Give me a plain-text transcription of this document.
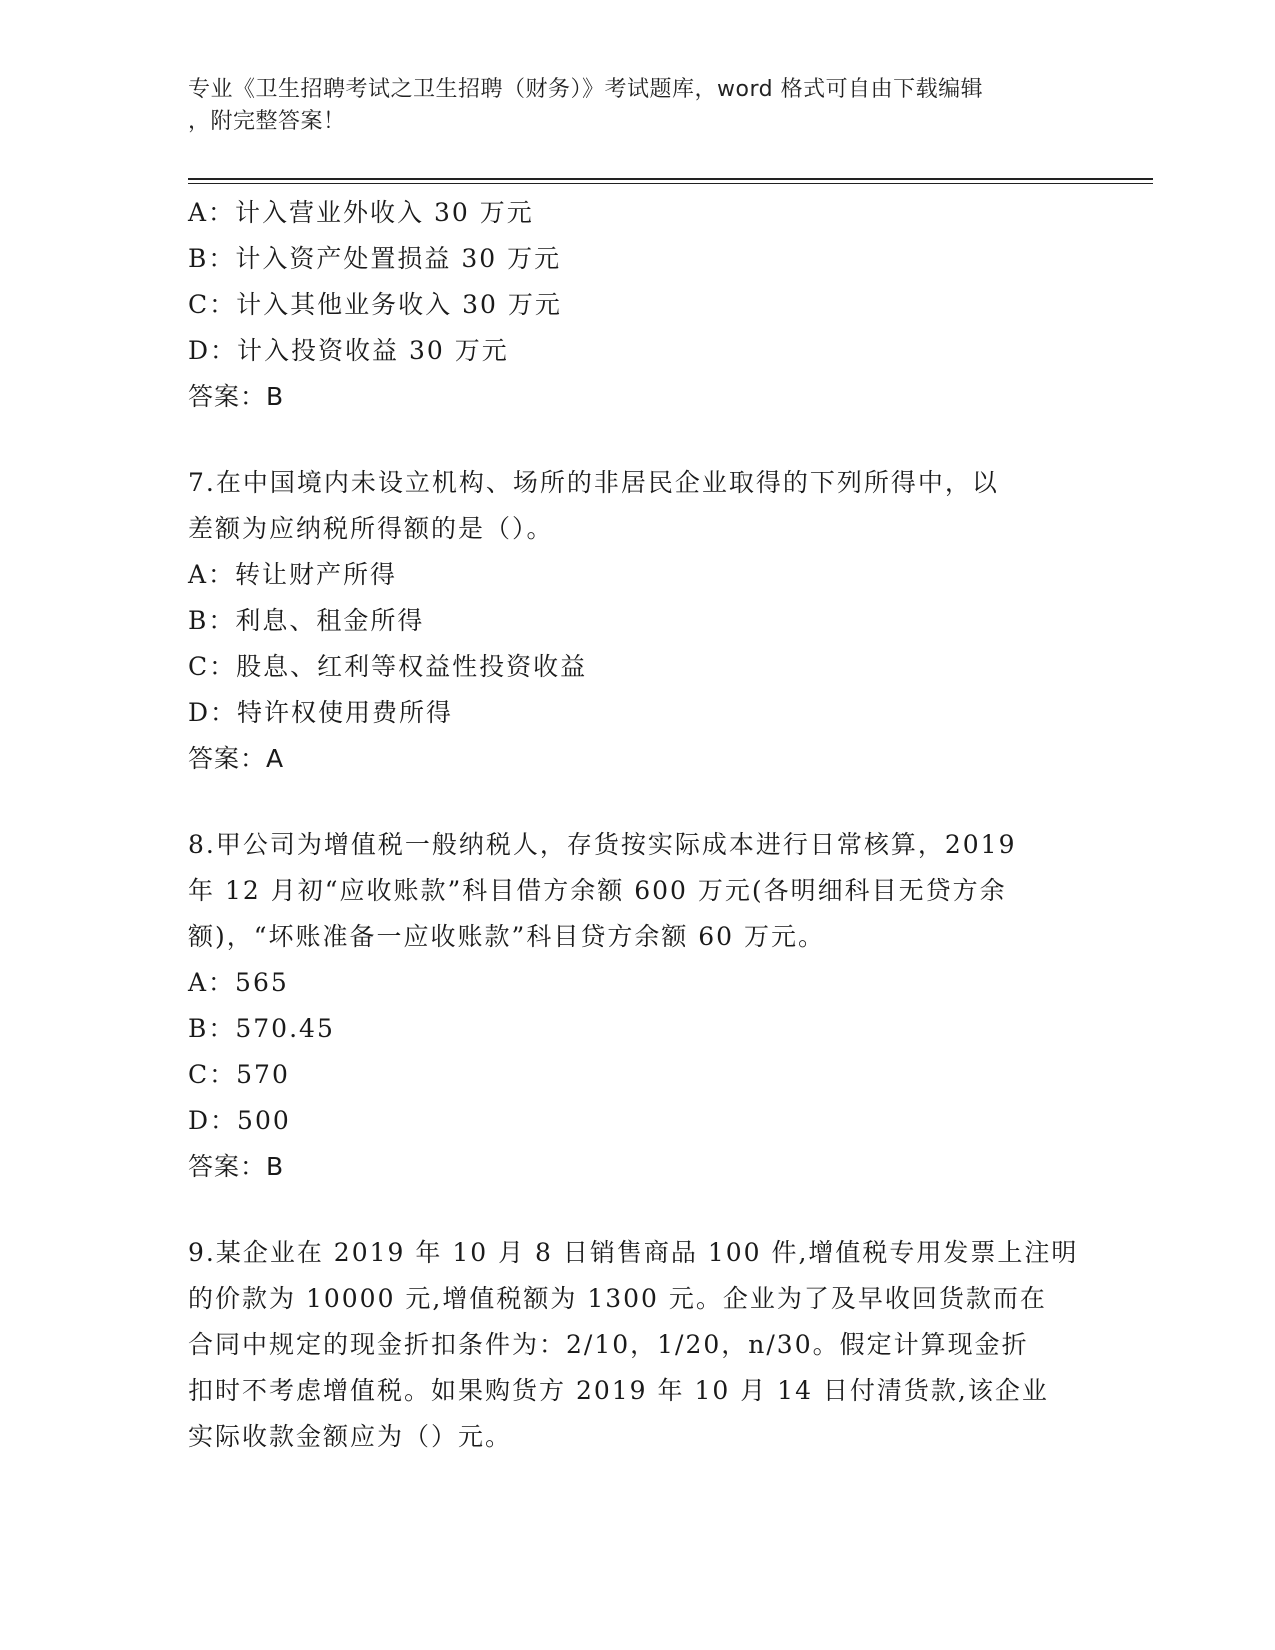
专业《卫生招聘考试之卫生招聘（财务）》考试题库，word 格式可自由下载编辑
，附完整答案！
A：计入营业外收入 30 万元
B：计入资产处置损益 30 万元
C：计入其他业务收入 30 万元
D：计入投资收益 30 万元
答案：B
7.在中国境内未设立机构、场所的非居民企业取得的下列所得中，以
差额为应纳税所得额的是（）。
A：转让财产所得
B：利息、租金所得
C：股息、红利等权益性投资收益
D：特许权使用费所得
答案：A
8.甲公司为增值税一般纳税人，存货按实际成本进行日常核算，2019
年 12 月初“应收账款”科目借方余额 600 万元(各明细科目无贷方余
额)，“坏账准备一应收账款”科目贷方余额 60 万元。
A：565
B：570.45
C：570
D：500
答案：B
9.某企业在 2019 年 10 月 8 日销售商品 100 件,增值税专用发票上注明
的价款为 10000 元,增值税额为 1300 元。企业为了及早收回货款而在
合同中规定的现金折扣条件为：2/10，1/20，n/30。假定计算现金折
扣时不考虑增值税。如果购货方 2019 年 10 月 14 日付清货款,该企业
实际收款金额应为（）元。
